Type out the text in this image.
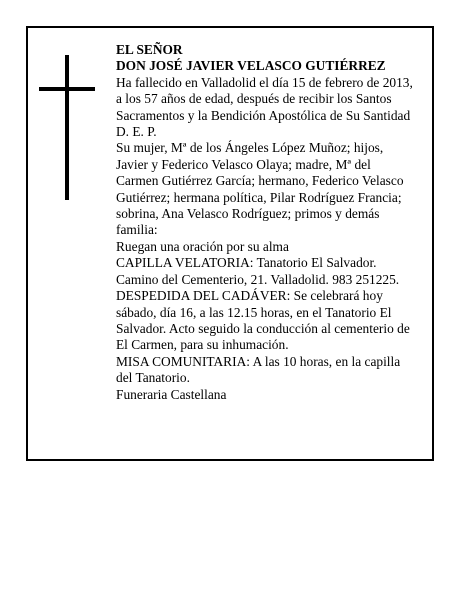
EL SEÑOR
DON JOSÉ JAVIER VELASCO GUTIÉRREZ
Ha fallecido en Valladolid el día 15 de febrero de 2013,
a los 57 años de edad, después de recibir los Santos
Sacramentos y la Bendición Apostólica de Su Santidad
D. E. P.
Su mujer, Mª de los Ángeles López Muñoz; hijos,
Javier y Federico Velasco Olaya; madre, Mª del
Carmen Gutiérrez García; hermano, Federico Velasco
Gutiérrez; hermana política, Pilar Rodríguez Francia;
sobrina, Ana Velasco Rodríguez; primos y demás
familia:
Ruegan una oración por su alma
CAPILLA VELATORIA: Tanatorio El Salvador.
Camino del Cementerio, 21. Valladolid. 983 251225.
DESPEDIDA DEL CADÁVER: Se celebrará hoy
sábado, día 16, a las 12.15 horas, en el Tanatorio El
Salvador. Acto seguido la conducción al cementerio de
El Carmen, para su inhumación.
MISA COMUNITARIA: A las 10 horas, en la capilla
del Tanatorio.
Funeraria Castellana
